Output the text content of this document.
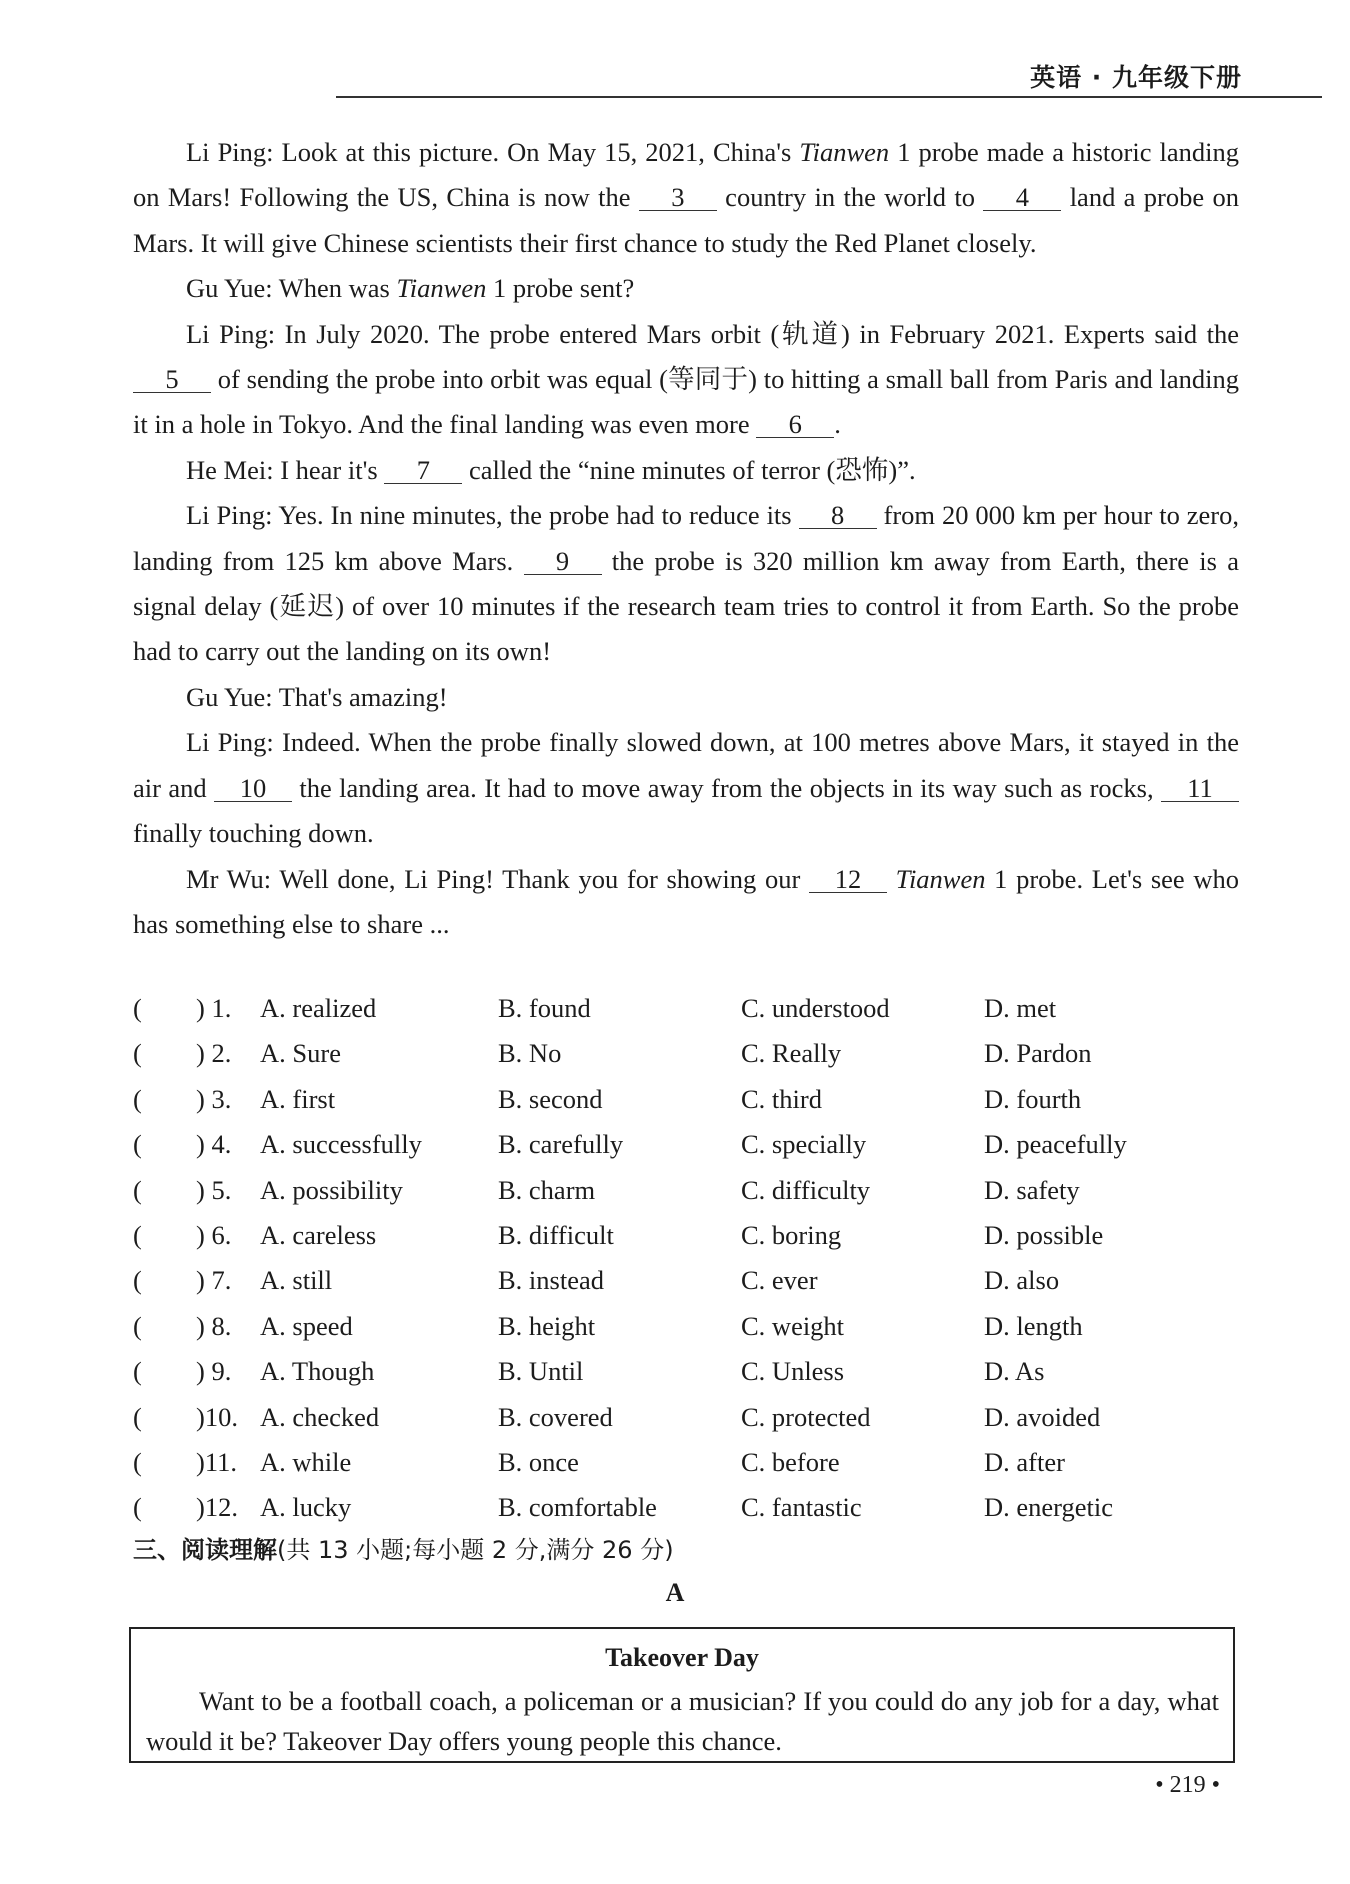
英语 · 九年级下册

Li Ping: Look at this picture. On May 15, 2021, China's Tianwen 1 probe made a historic landing on Mars! Following the US, China is now the 3 country in the world to 4 land a probe on Mars. It will give Chinese scientists their first chance to study the Red Planet closely.

Gu Yue: When was Tianwen 1 probe sent?

Li Ping: In July 2020. The probe entered Mars orbit (轨道) in February 2021. Experts said the 5 of sending the probe into orbit was equal (等同于) to hitting a small ball from Paris and landing it in a hole in Tokyo. And the final landing was even more 6 .

He Mei: I hear it's 7 called the “nine minutes of terror (恐怖)”.

Li Ping: Yes. In nine minutes, the probe had to reduce its 8 from 20 000 km per hour to zero, landing from 125 km above Mars. 9 the probe is 320 million km away from Earth, there is a signal delay (延迟) of over 10 minutes if the research team tries to control it from Earth. So the probe had to carry out the landing on its own!

Gu Yue: That's amazing!

Li Ping: Indeed. When the probe finally slowed down, at 100 metres above Mars, it stayed in the air and 10 the landing area. It had to move away from the objects in its way such as rocks, 11 finally touching down.

Mr Wu: Well done, Li Ping! Thank you for showing our 12 Tianwen 1 probe. Let's see who has something else to share ...

( ) 1. A. realized	B. found	C. understood	D. met
( ) 2. A. Sure	B. No	C. Really	D. Pardon
( ) 3. A. first	B. second	C. third	D. fourth
( ) 4. A. successfully	B. carefully	C. specially	D. peacefully
( ) 5. A. possibility	B. charm	C. difficulty	D. safety
( ) 6. A. careless	B. difficult	C. boring	D. possible
( ) 7. A. still	B. instead	C. ever	D. also
( ) 8. A. speed	B. height	C. weight	D. length
( ) 9. A. Though	B. Until	C. Unless	D. As
( )10. A. checked	B. covered	C. protected	D. avoided
( )11. A. while	B. once	C. before	D. after
( )12. A. lucky	B. comfortable	C. fantastic	D. energetic
三、阅读理解(共 13 小题;每小题 2 分,满分 26 分)
A
Takeover Day

Want to be a football coach, a policeman or a musician? If you could do any job for a day, what would it be? Takeover Day offers young people this chance.

• 219 •
